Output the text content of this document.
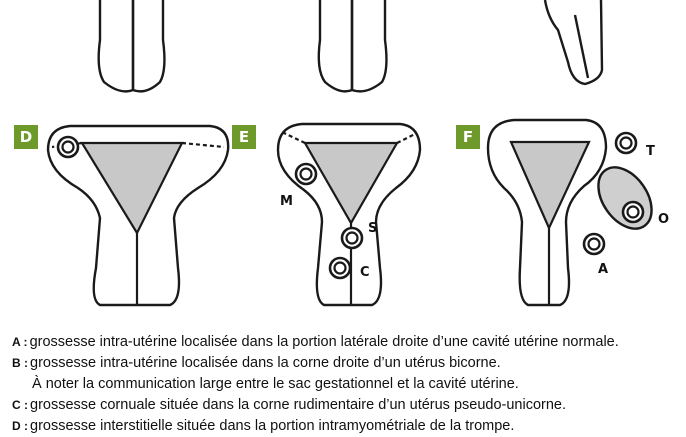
M
S
C
T
O
A
D	E	F
A : grossesse intra-utérine localisée dans la portion latérale droite d’une cavité utérine normale.
B : grossesse intra-utérine localisée dans la corne droite d’un utérus bicorne.
À noter la communication large entre le sac gestationnel et la cavité utérine.
C : grossesse cornuale située dans la corne rudimentaire d’un utérus pseudo-unicorne.
D : grossesse interstitielle située dans la portion intramyométriale de la trompe.
